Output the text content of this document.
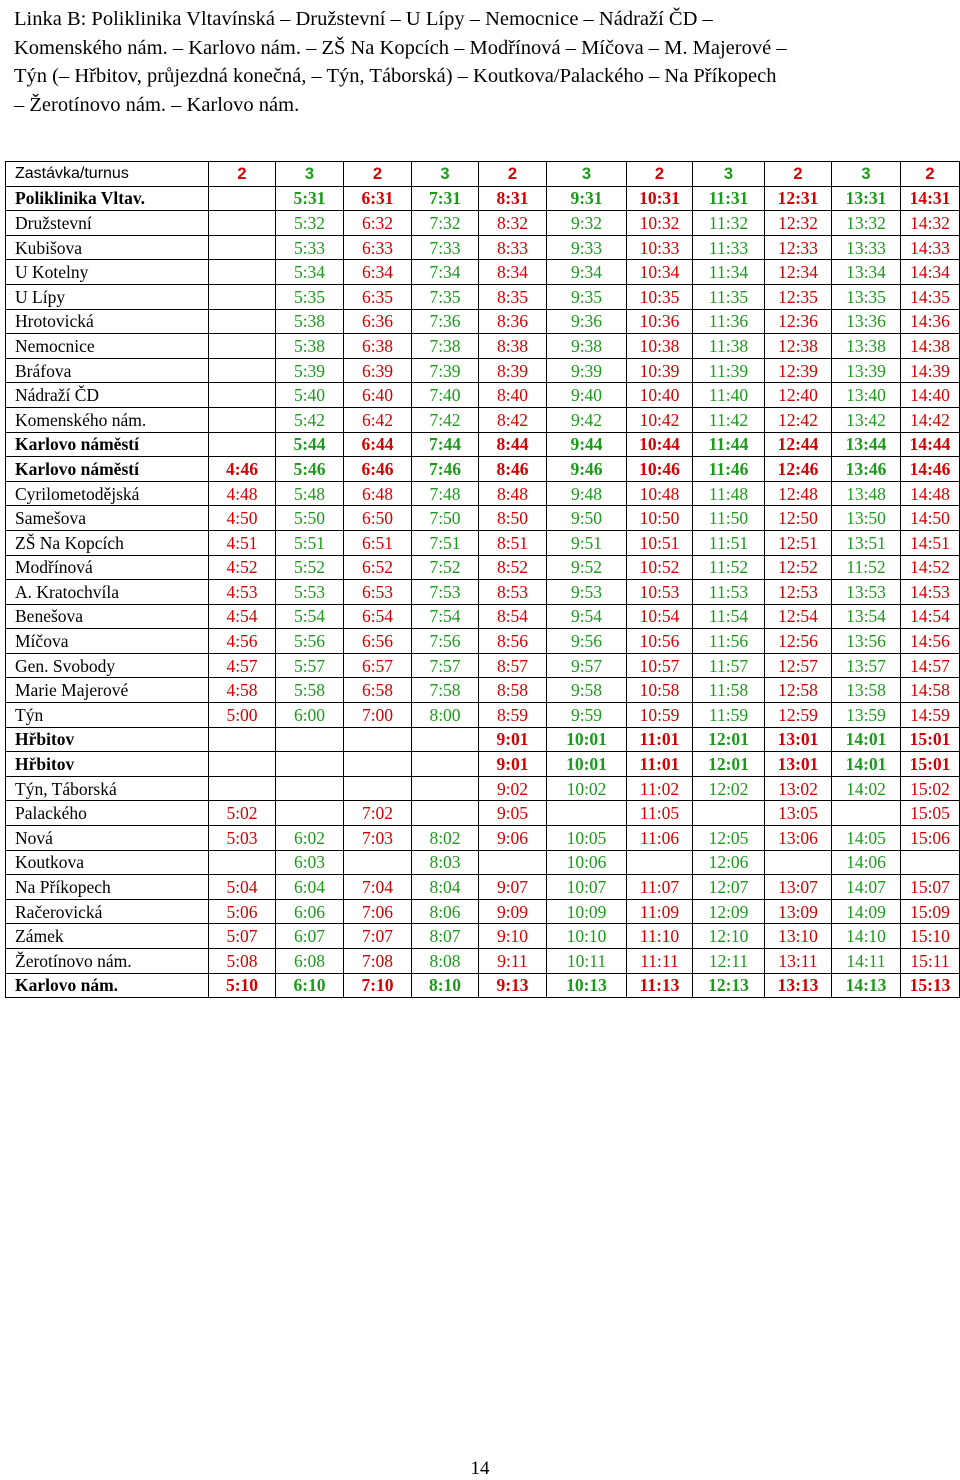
Linka B: Poliklinika Vltavínská – Družstevní – U Lípy – Nemocnice – Nádraží ČD –
Komenského nám. – Karlovo nám. – ZŠ Na Kopcích – Modřínová – Míčova – M. Majerové –
Týn (– Hřbitov, průjezdná konečná, – Týn, Táborská) – Koutkova/Palackého – Na Příkopech
– Žerotínovo nám. – Karlovo nám.
Zastávka/turnus	2	3	2	3	2	3	2	3	2	3	2
Poliklinika Vltav.		5:31	6:31	7:31	8:31	9:31	10:31	11:31	12:31	13:31	14:31
Družstevní		5:32	6:32	7:32	8:32	9:32	10:32	11:32	12:32	13:32	14:32
Kubišova		5:33	6:33	7:33	8:33	9:33	10:33	11:33	12:33	13:33	14:33
U Kotelny		5:34	6:34	7:34	8:34	9:34	10:34	11:34	12:34	13:34	14:34
U Lípy		5:35	6:35	7:35	8:35	9:35	10:35	11:35	12:35	13:35	14:35
Hrotovická		5:38	6:36	7:36	8:36	9:36	10:36	11:36	12:36	13:36	14:36
Nemocnice		5:38	6:38	7:38	8:38	9:38	10:38	11:38	12:38	13:38	14:38
Bráfova		5:39	6:39	7:39	8:39	9:39	10:39	11:39	12:39	13:39	14:39
Nádraží ČD		5:40	6:40	7:40	8:40	9:40	10:40	11:40	12:40	13:40	14:40
Komenského nám.		5:42	6:42	7:42	8:42	9:42	10:42	11:42	12:42	13:42	14:42
Karlovo náměstí		5:44	6:44	7:44	8:44	9:44	10:44	11:44	12:44	13:44	14:44
Karlovo náměstí	4:46	5:46	6:46	7:46	8:46	9:46	10:46	11:46	12:46	13:46	14:46
Cyrilometodějská	4:48	5:48	6:48	7:48	8:48	9:48	10:48	11:48	12:48	13:48	14:48
Samešova	4:50	5:50	6:50	7:50	8:50	9:50	10:50	11:50	12:50	13:50	14:50
ZŠ Na Kopcích	4:51	5:51	6:51	7:51	8:51	9:51	10:51	11:51	12:51	13:51	14:51
Modřínová	4:52	5:52	6:52	7:52	8:52	9:52	10:52	11:52	12:52	11:52	14:52
A. Kratochvíla	4:53	5:53	6:53	7:53	8:53	9:53	10:53	11:53	12:53	13:53	14:53
Benešova	4:54	5:54	6:54	7:54	8:54	9:54	10:54	11:54	12:54	13:54	14:54
Míčova	4:56	5:56	6:56	7:56	8:56	9:56	10:56	11:56	12:56	13:56	14:56
Gen. Svobody	4:57	5:57	6:57	7:57	8:57	9:57	10:57	11:57	12:57	13:57	14:57
Marie Majerové	4:58	5:58	6:58	7:58	8:58	9:58	10:58	11:58	12:58	13:58	14:58
Týn	5:00	6:00	7:00	8:00	8:59	9:59	10:59	11:59	12:59	13:59	14:59
Hřbitov					9:01	10:01	11:01	12:01	13:01	14:01	15:01
Hřbitov					9:01	10:01	11:01	12:01	13:01	14:01	15:01
Týn, Táborská					9:02	10:02	11:02	12:02	13:02	14:02	15:02
Palackého	5:02		7:02		9:05		11:05		13:05		15:05
Nová	5:03	6:02	7:03	8:02	9:06	10:05	11:06	12:05	13:06	14:05	15:06
Koutkova		6:03		8:03		10:06		12:06		14:06	
Na Příkopech	5:04	6:04	7:04	8:04	9:07	10:07	11:07	12:07	13:07	14:07	15:07
Račerovická	5:06	6:06	7:06	8:06	9:09	10:09	11:09	12:09	13:09	14:09	15:09
Zámek	5:07	6:07	7:07	8:07	9:10	10:10	11:10	12:10	13:10	14:10	15:10
Žerotínovo nám.	5:08	6:08	7:08	8:08	9:11	10:11	11:11	12:11	13:11	14:11	15:11
Karlovo nám.	5:10	6:10	7:10	8:10	9:13	10:13	11:13	12:13	13:13	14:13	15:13
14
